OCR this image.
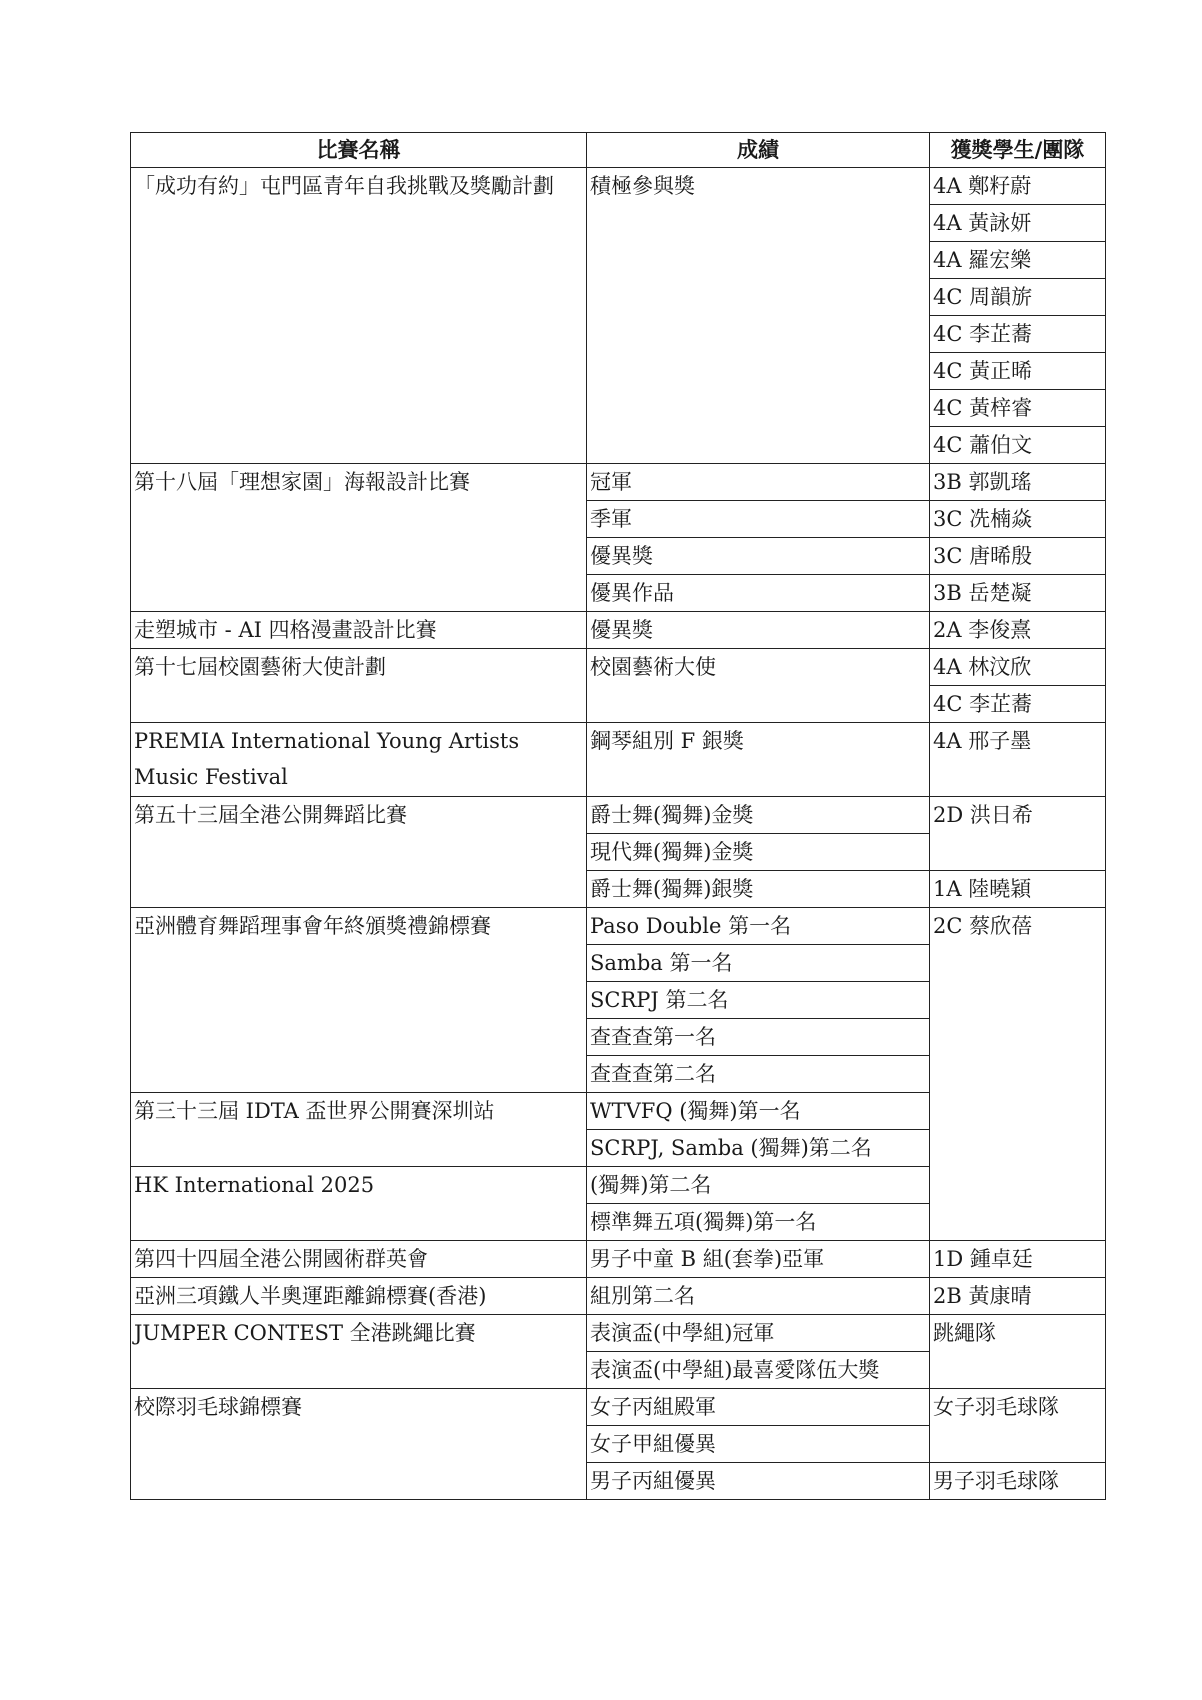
比賽名稱	成績	獲獎學生/團隊
「成功有約」屯門區青年自我挑戰及獎勵計劃	積極參與獎	4A 鄭籽蔚
		4A 黃詠妍
		4A 羅宏樂
		4C 周韻旂
		4C 李芷蕎
		4C 黃正晞
		4C 黃梓睿
		4C 蕭伯文
第十八屆「理想家園」海報設計比賽	冠軍	3B 郭凱瑤
	季軍	3C 冼楠焱
	優異獎	3C 唐晞殷
	優異作品	3B 岳楚凝
走塑城市 - AI 四格漫畫設計比賽	優異獎	2A 李俊熹
第十七屆校園藝術大使計劃	校園藝術大使	4A 林汶欣
		4C 李芷蕎
PREMIA International Young Artists Music Festival	鋼琴組別 F 銀獎	4A 邢子墨
第五十三屆全港公開舞蹈比賽	爵士舞(獨舞)金獎	2D 洪日希
	現代舞(獨舞)金獎	
	爵士舞(獨舞)銀獎	1A 陸曉穎
亞洲體育舞蹈理事會年終頒獎禮錦標賽	Paso Double 第一名	2C 蔡欣蓓
	Samba 第一名	
	SCRPJ 第二名	
	查查查第一名	
	查查查第二名	
第三十三屆 IDTA 盃世界公開賽深圳站	WTVFQ (獨舞)第一名	
	SCRPJ, Samba (獨舞)第二名	
HK International 2025	(獨舞)第二名	
	標準舞五項(獨舞)第一名	
第四十四屆全港公開國術群英會	男子中童 B 組(套拳)亞軍	1D 鍾卓廷
亞洲三項鐵人半奧運距離錦標賽(香港)	組別第二名	2B 黃康晴
JUMPER CONTEST 全港跳繩比賽	表演盃(中學組)冠軍	跳繩隊
	表演盃(中學組)最喜愛隊伍大獎	
校際羽毛球錦標賽	女子丙組殿軍	女子羽毛球隊
	女子甲組優異	
	男子丙組優異	男子羽毛球隊
